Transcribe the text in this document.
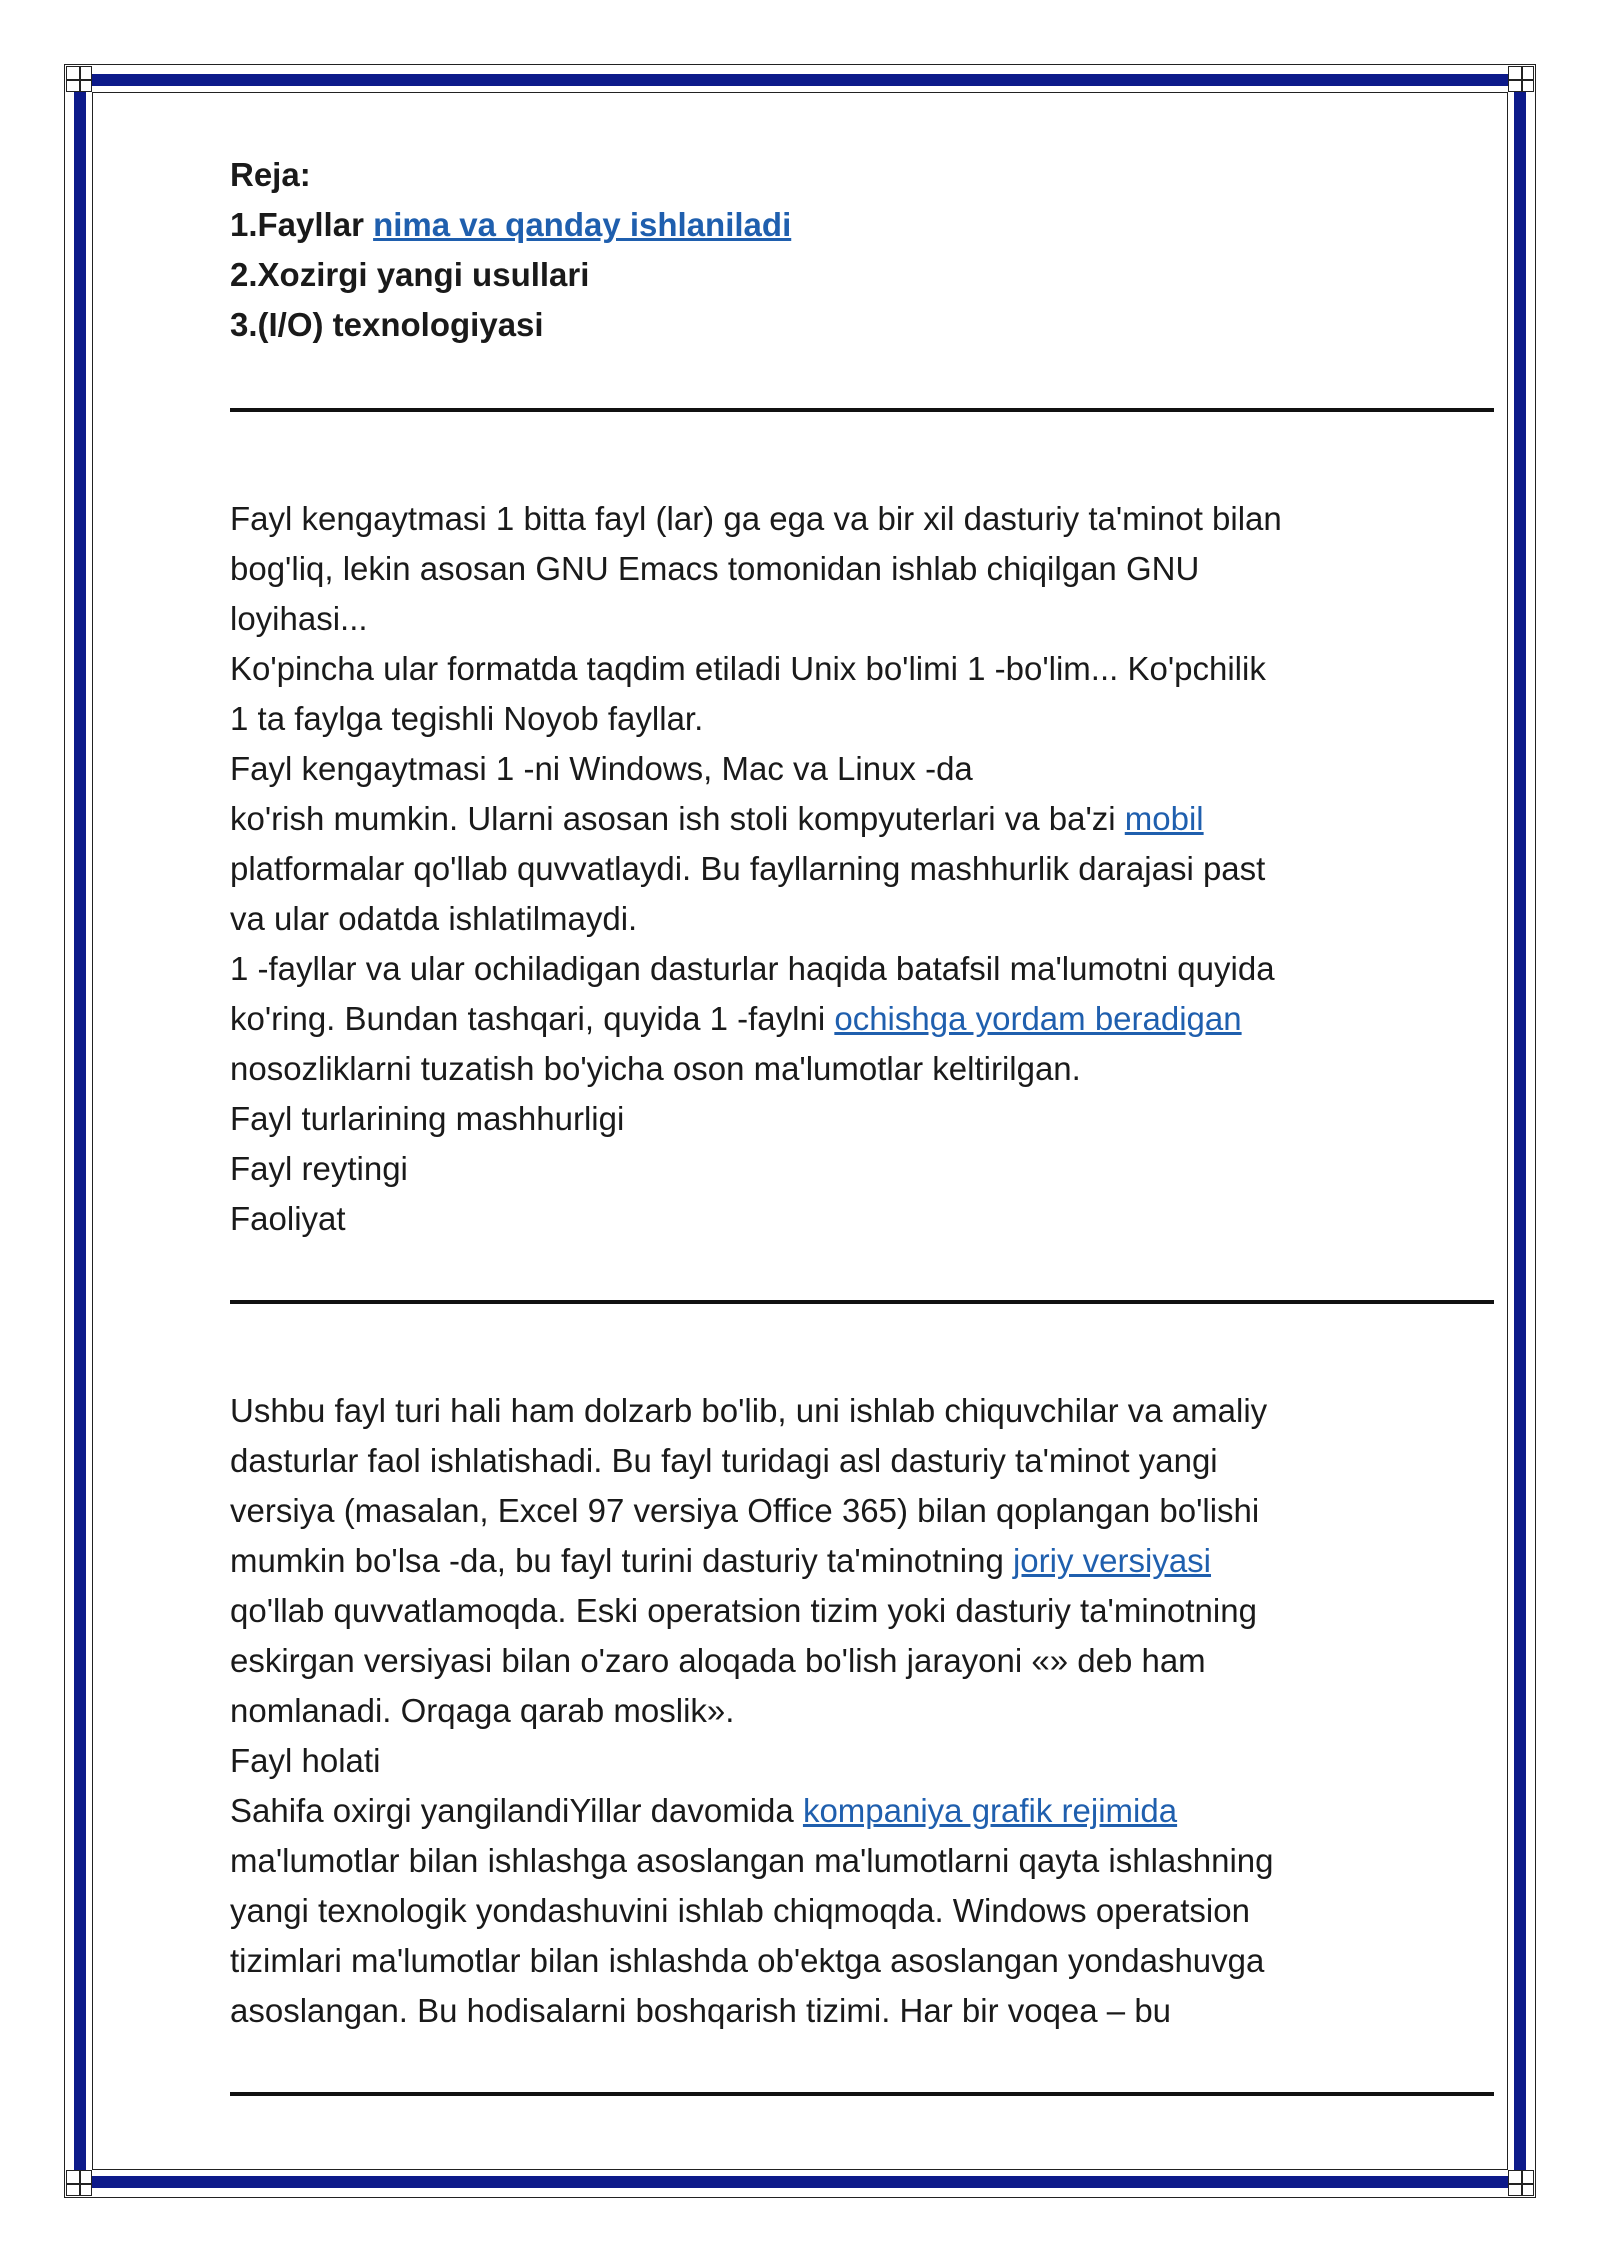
Reja:
1.Fayllar nima va qanday ishlaniladi
2.Xozirgi yangi usullari
3.(I/O) texnologiyasi
Fayl kengaytmasi 1 bitta fayl (lar) ga ega va bir xil dasturiy ta'minot bilan
bog'liq, lekin asosan GNU Emacs tomonidan ishlab chiqilgan GNU
loyihasi...
Ko'pincha ular formatda taqdim etiladi Unix bo'limi 1 -bo'lim... Ko'pchilik
1 ta faylga tegishli Noyob fayllar.
Fayl kengaytmasi 1 -ni Windows, Mac va Linux -da
ko'rish mumkin. Ularni asosan ish stoli kompyuterlari va ba'zi mobil
platformalar qo'llab quvvatlaydi. Bu fayllarning mashhurlik darajasi past
va ular odatda ishlatilmaydi.
1 -fayllar va ular ochiladigan dasturlar haqida batafsil ma'lumotni quyida
ko'ring. Bundan tashqari, quyida 1 -faylni ochishga yordam beradigan
nosozliklarni tuzatish bo'yicha oson ma'lumotlar keltirilgan.
Fayl turlarining mashhurligi
Fayl reytingi
Faoliyat
Ushbu fayl turi hali ham dolzarb bo'lib, uni ishlab chiquvchilar va amaliy
dasturlar faol ishlatishadi. Bu fayl turidagi asl dasturiy ta'minot yangi
versiya (masalan, Excel 97 versiya Office 365) bilan qoplangan bo'lishi
mumkin bo'lsa -da, bu fayl turini dasturiy ta'minotning joriy versiyasi
qo'llab quvvatlamoqda. Eski operatsion tizim yoki dasturiy ta'minotning
eskirgan versiyasi bilan o'zaro aloqada bo'lish jarayoni «» deb ham
nomlanadi. Orqaga qarab moslik».
Fayl holati
Sahifa oxirgi yangilandiYillar davomida kompaniya grafik rejimida
ma'lumotlar bilan ishlashga asoslangan ma'lumotlarni qayta ishlashning
yangi texnologik yondashuvini ishlab chiqmoqda. Windows operatsion
tizimlari ma'lumotlar bilan ishlashda ob'ektga asoslangan yondashuvga
asoslangan. Bu hodisalarni boshqarish tizimi. Har bir voqea – bu
